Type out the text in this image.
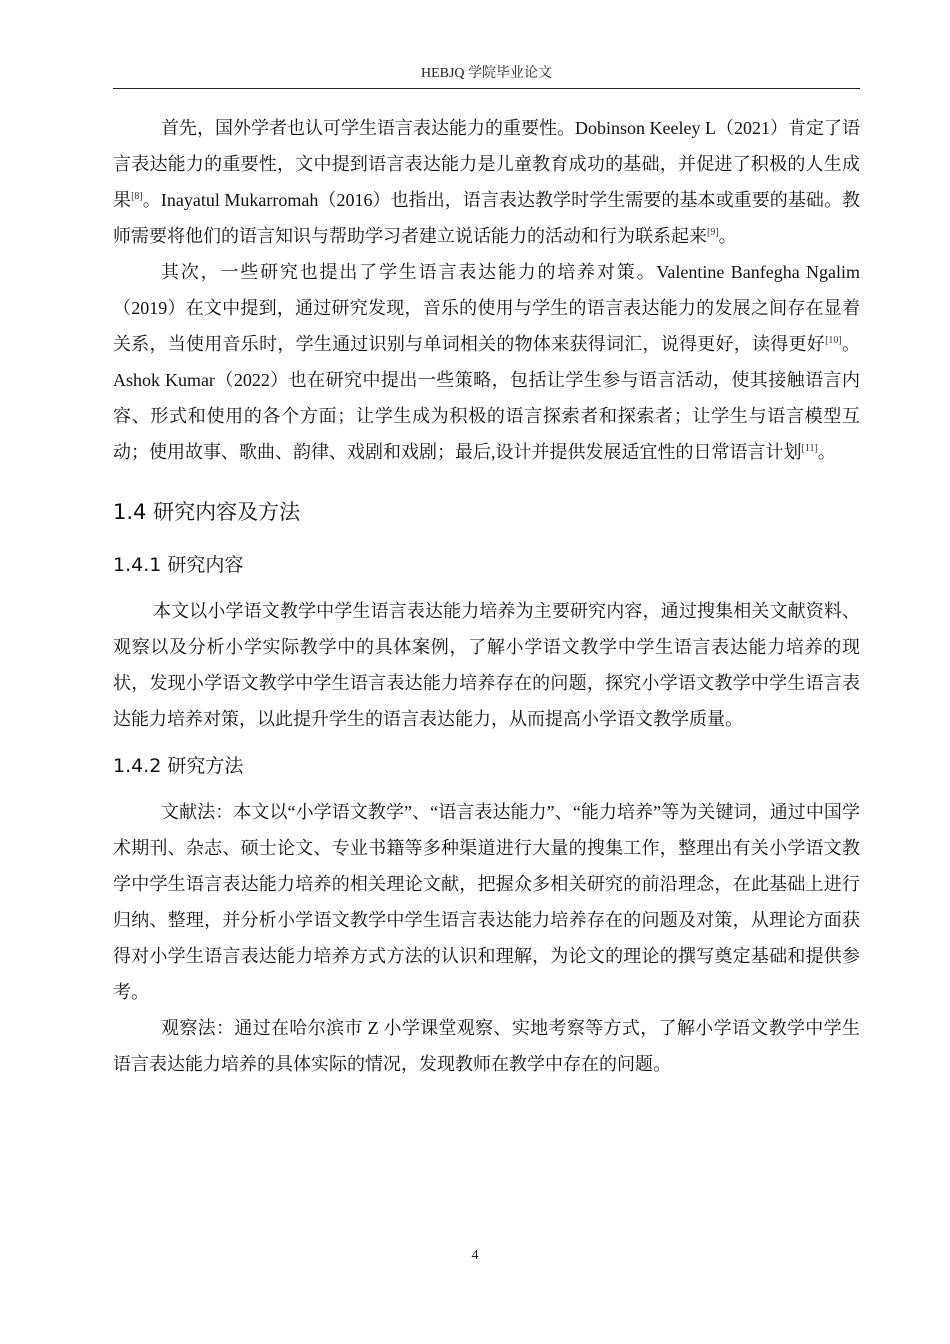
HEBJQ 学院毕业论文

首先，国外学者也认可学生语言表达能力的重要性。Dobinson Keeley L（2021）肯定了语言表达能力的重要性，文中提到语言表达能力是儿童教育成功的基础，并促进了积极的人生成果[8]。Inayatul Mukarromah（2016）也指出，语言表达教学时学生需要的基本或重要的基础。教师需要将他们的语言知识与帮助学习者建立说话能力的活动和行为联系起来[9]。

其次，一些研究也提出了学生语言表达能力的培养对策。Valentine Banfegha Ngalim（2019）在文中提到，通过研究发现，音乐的使用与学生的语言表达能力的发展之间存在显着关系，当使用音乐时，学生通过识别与单词相关的物体来获得词汇，说得更好，读得更好[10]。Ashok Kumar（2022）也在研究中提出一些策略，包括让学生参与语言活动，使其接触语言内容、形式和使用的各个方面；让学生成为积极的语言探索者和探索者；让学生与语言模型互动；使用故事、歌曲、韵律、戏剧和戏剧；最后,设计并提供发展适宜性的日常语言计划[11]。

1.4 研究内容及方法
1.4.1 研究内容

本文以小学语文教学中学生语言表达能力培养为主要研究内容，通过搜集相关文献资料、观察以及分析小学实际教学中的具体案例，了解小学语文教学中学生语言表达能力培养的现状，发现小学语文教学中学生语言表达能力培养存在的问题，探究小学语文教学中学生语言表达能力培养对策，以此提升学生的语言表达能力，从而提高小学语文教学质量。

1.4.2 研究方法

文献法：本文以“小学语文教学”、“语言表达能力”、“能力培养”等为关键词，通过中国学术期刊、杂志、硕士论文、专业书籍等多种渠道进行大量的搜集工作，整理出有关小学语文教学中学生语言表达能力培养的相关理论文献，把握众多相关研究的前沿理念，在此基础上进行归纳、整理，并分析小学语文教学中学生语言表达能力培养存在的问题及对策，从理论方面获得对小学生语言表达能力培养方式方法的认识和理解，为论文的理论的撰写奠定基础和提供参考。

观察法：通过在哈尔滨市 Z 小学课堂观察、实地考察等方式，了解小学语文教学中学生语言表达能力培养的具体实际的情况，发现教师在教学中存在的问题。

4
